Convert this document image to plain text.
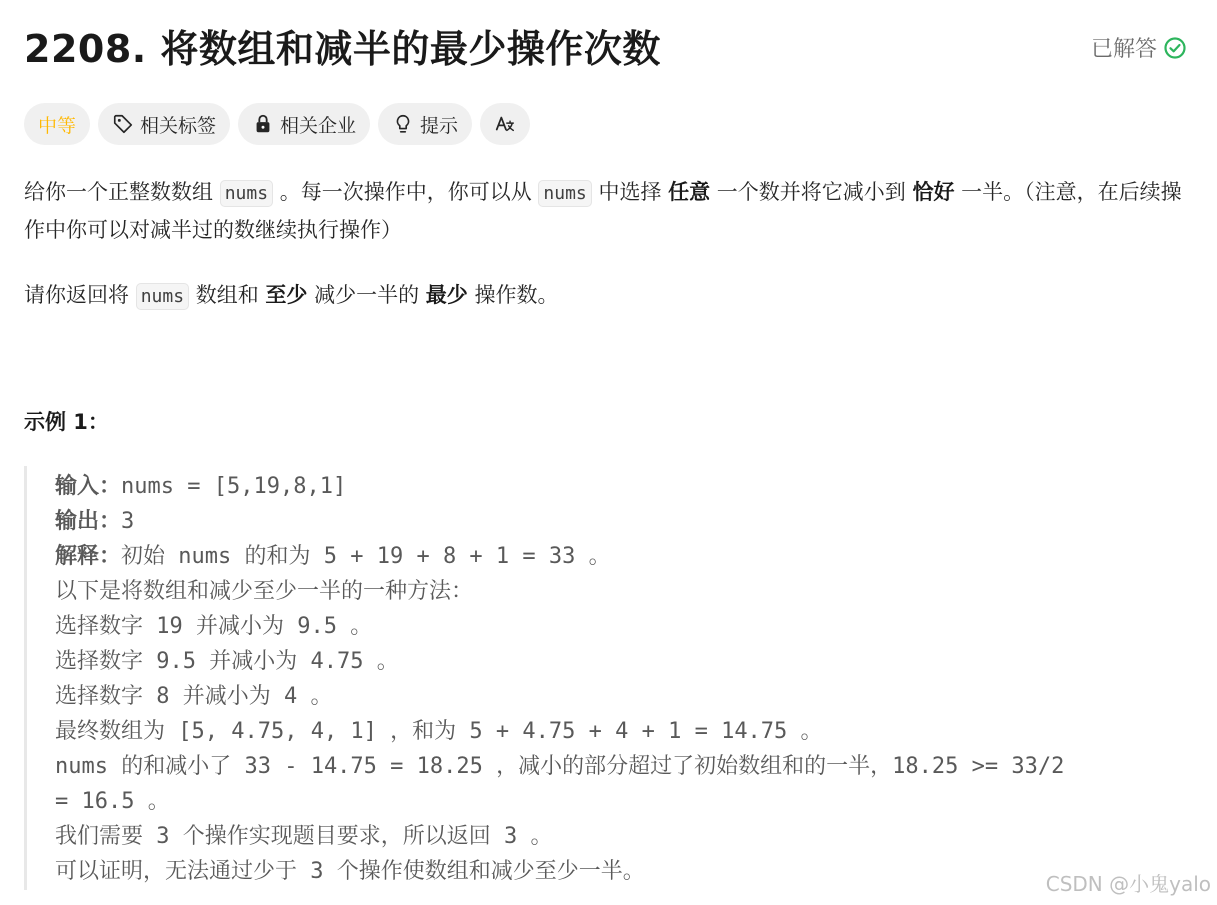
2208. 将数组和减半的最少操作次数	已解答
中等	相关标签	相关企业	提示
给你一个正整数数组 nums 。每一次操作中，你可以从 nums 中选择 任意 一个数并将它减小到 恰好 一半。（注意，在后续操作中你可以对减半过的数继续执行操作）
请你返回将 nums 数组和 至少 减少一半的 最少 操作数。
示例 1：
输入：nums = [5,19,8,1]
输出：3
解释：初始 nums 的和为 5 + 19 + 8 + 1 = 33 。
以下是将数组和减少至少一半的一种方法：
选择数字 19 并减小为 9.5 。
选择数字 9.5 并减小为 4.75 。
选择数字 8 并减小为 4 。
最终数组为 [5, 4.75, 4, 1] ，和为 5 + 4.75 + 4 + 1 = 14.75 。
nums 的和减小了 33 - 14.75 = 18.25 ，减小的部分超过了初始数组和的一半，18.25 >= 33/2
= 16.5 。
我们需要 3 个操作实现题目要求，所以返回 3 。
可以证明，无法通过少于 3 个操作使数组和减少至少一半。	CSDN @小鬼yalo
